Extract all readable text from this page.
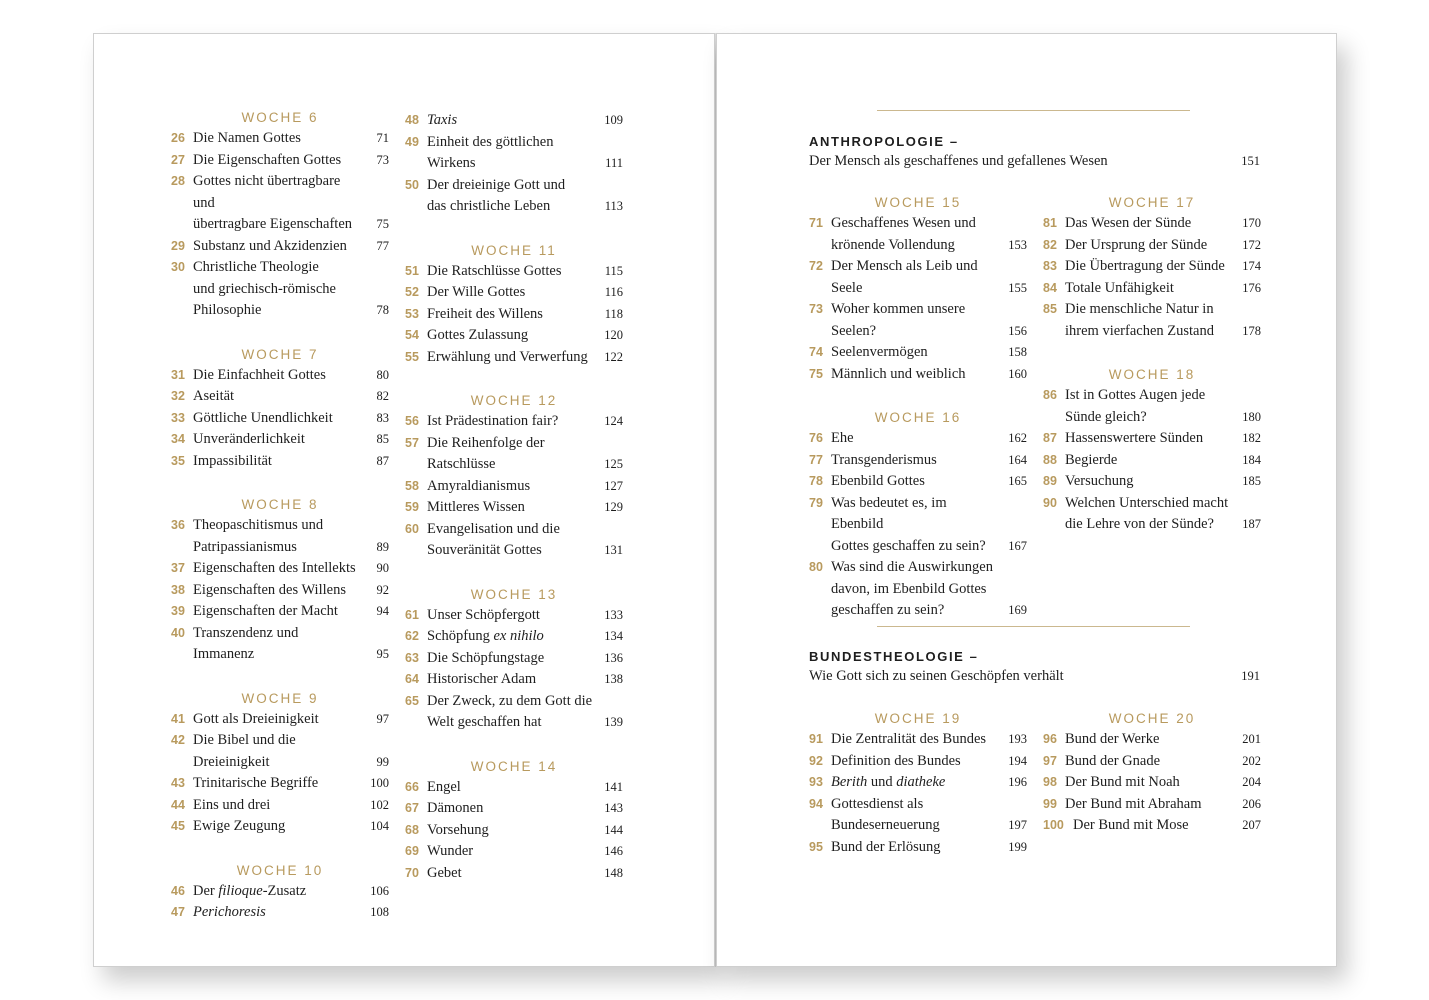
WOCHE 6
26 Die Namen Gottes	71
27 Die Eigenschaften Gottes	73
28 Gottes nicht übertragbare und
übertragbare Eigenschaften	75
29 Substanz und Akzidenzien	77
30 Christliche Theologie
und griechisch-römische
Philosophie	78
WOCHE 7
31 Die Einfachheit Gottes	80
32 Aseität	82
33 Göttliche Unendlichkeit	83
34 Unveränderlichkeit	85
35 Impassibilität	87
WOCHE 8
36 Theopaschitismus und
Patripassianismus	89
37 Eigenschaften des Intellekts	90
38 Eigenschaften des Willens	92
39 Eigenschaften der Macht	94
40 Transzendenz und Immanenz	95
WOCHE 9
41 Gott als Dreieinigkeit	97
42 Die Bibel und die
Dreieinigkeit	99
43 Trinitarische Begriffe	100
44 Eins und drei	102
45 Ewige Zeugung	104
WOCHE 10
46 Der filioque-Zusatz	106
47 Perichoresis	108
48 Taxis	109
49 Einheit des göttlichen
Wirkens	111
50 Der dreieinige Gott und
das christliche Leben	113
WOCHE 11
51 Die Ratschlüsse Gottes	115
52 Der Wille Gottes	116
53 Freiheit des Willens	118
54 Gottes Zulassung	120
55 Erwählung und Verwerfung	122
WOCHE 12
56 Ist Prädestination fair?	124
57 Die Reihenfolge der
Ratschlüsse	125
58 Amyraldianismus	127
59 Mittleres Wissen	129
60 Evangelisation und die
Souveränität Gottes	131
WOCHE 13
61 Unser Schöpfergott	133
62 Schöpfung ex nihilo	134
63 Die Schöpfungstage	136
64 Historischer Adam	138
65 Der Zweck, zu dem Gott die
Welt geschaffen hat	139
WOCHE 14
66 Engel	141
67 Dämonen	143
68 Vorsehung	144
69 Wunder	146
70 Gebet	148
ANTHROPOLOGIE –
Der Mensch als geschaffenes und gefallenes Wesen	151
WOCHE 15
71 Geschaffenes Wesen und
krönende Vollendung	153
72 Der Mensch als Leib und
Seele	155
73 Woher kommen unsere
Seelen?	156
74 Seelenvermögen	158
75 Männlich und weiblich	160
WOCHE 16
76 Ehe	162
77 Transgenderismus	164
78 Ebenbild Gottes	165
79 Was bedeutet es, im Ebenbild
Gottes geschaffen zu sein?	167
80 Was sind die Auswirkungen
davon, im Ebenbild Gottes
geschaffen zu sein?	169
WOCHE 17
81 Das Wesen der Sünde	170
82 Der Ursprung der Sünde	172
83 Die Übertragung der Sünde	174
84 Totale Unfähigkeit	176
85 Die menschliche Natur in
ihrem vierfachen Zustand	178
WOCHE 18
86 Ist in Gottes Augen jede
Sünde gleich?	180
87 Hassenswertere Sünden	182
88 Begierde	184
89 Versuchung	185
90 Welchen Unterschied macht
die Lehre von der Sünde?	187
BUNDESTHEOLOGIE –
Wie Gott sich zu seinen Geschöpfen verhält	191
WOCHE 19
91 Die Zentralität des Bundes	193
92 Definition des Bundes	194
93 Berith und diatheke	196
94 Gottesdienst als
Bundeserneuerung	197
95 Bund der Erlösung	199
WOCHE 20
96 Bund der Werke	201
97 Bund der Gnade	202
98 Der Bund mit Noah	204
99 Der Bund mit Abraham	206
100 Der Bund mit Mose	207
